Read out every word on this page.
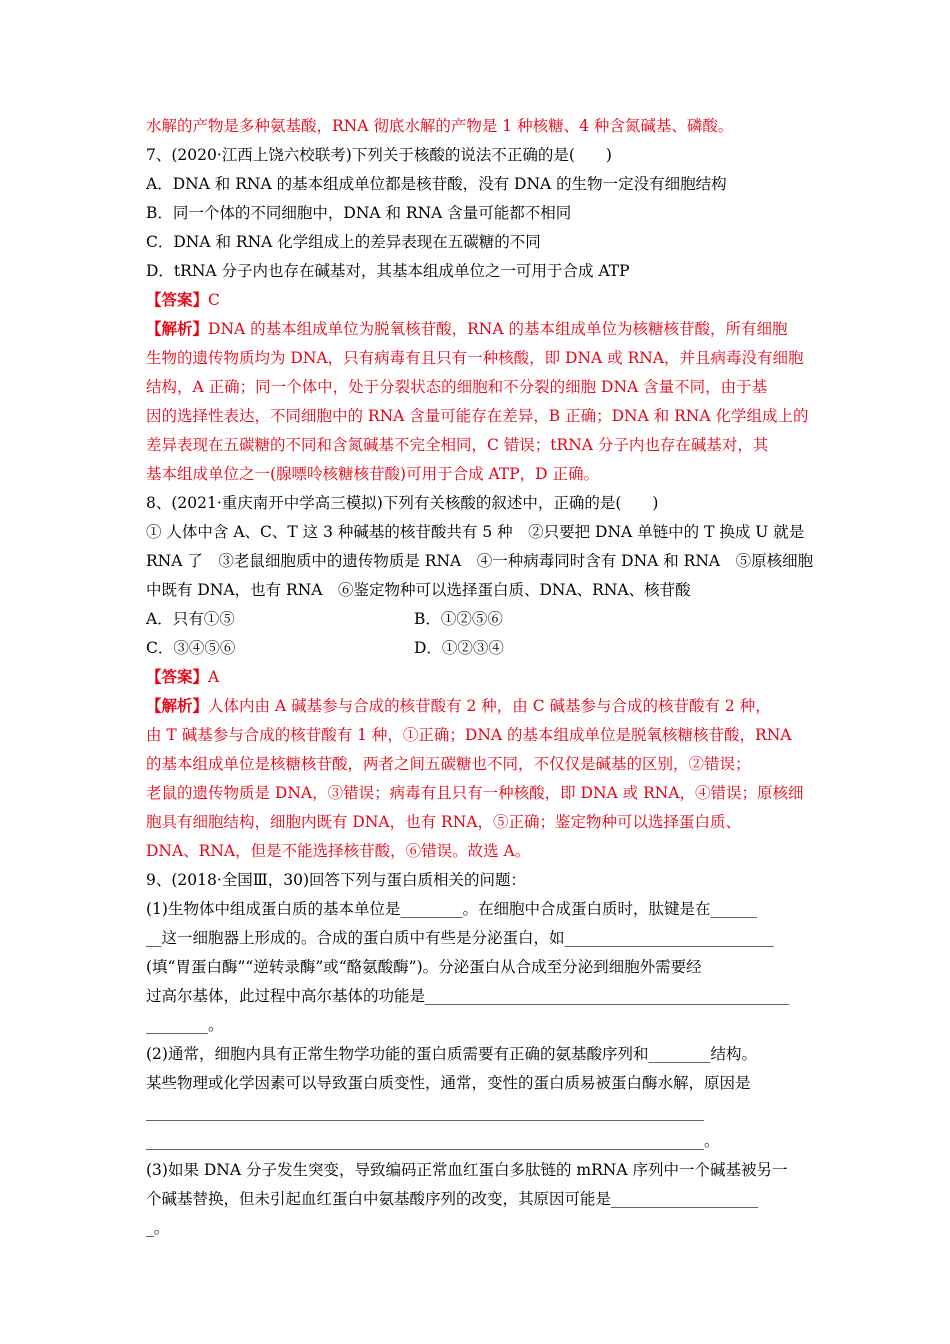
水解的产物是多种氨基酸，RNA 彻底水解的产物是 1 种核糖、4 种含氮碱基、磷酸。
7、(2020·江西上饶六校联考)下列关于核酸的说法不正确的是(　　)
A．DNA 和 RNA 的基本组成单位都是核苷酸，没有 DNA 的生物一定没有细胞结构
B．同一个体的不同细胞中，DNA 和 RNA 含量可能都不相同
C．DNA 和 RNA 化学组成上的差异表现在五碳糖的不同
D．tRNA 分子内也存在碱基对，其基本组成单位之一可用于合成 ATP
【答案】C
【解析】DNA 的基本组成单位为脱氧核苷酸，RNA 的基本组成单位为核糖核苷酸，所有细胞
生物的遗传物质均为 DNA，只有病毒有且只有一种核酸，即 DNA 或 RNA，并且病毒没有细胞
结构，A 正确；同一个体中，处于分裂状态的细胞和不分裂的细胞 DNA 含量不同，由于基
因的选择性表达，不同细胞中的 RNA 含量可能存在差异，B 正确；DNA 和 RNA 化学组成上的
差异表现在五碳糖的不同和含氮碱基不完全相同，C 错误；tRNA 分子内也存在碱基对，其
基本组成单位之一(腺嘌呤核糖核苷酸)可用于合成 ATP，D 正确。
8、(2021·重庆南开中学高三模拟)下列有关核酸的叙述中，正确的是(　　)
① 人体中含 A、C、T 这 3 种碱基的核苷酸共有 5 种　②只要把 DNA 单链中的 T 换成 U 就是
RNA 了　③老鼠细胞质中的遗传物质是 RNA　④一种病毒同时含有 DNA 和 RNA　⑤原核细胞
中既有 DNA，也有 RNA　⑥鉴定物种可以选择蛋白质、DNA、RNA、核苷酸
A．只有①⑤	B．①②⑤⑥
C．③④⑤⑥	D．①②③④
【答案】A
【解析】人体内由 A 碱基参与合成的核苷酸有 2 种，由 C 碱基参与合成的核苷酸有 2 种，
由 T 碱基参与合成的核苷酸有 1 种，①正确；DNA 的基本组成单位是脱氧核糖核苷酸，RNA
的基本组成单位是核糖核苷酸，两者之间五碳糖也不同，不仅仅是碱基的区别，②错误；
老鼠的遗传物质是 DNA，③错误；病毒有且只有一种核酸，即 DNA 或 RNA，④错误；原核细
胞具有细胞结构，细胞内既有 DNA，也有 RNA，⑤正确；鉴定物种可以选择蛋白质、
DNA、RNA，但是不能选择核苷酸，⑥错误。故选 A。
9、(2018·全国Ⅲ，30)回答下列与蛋白质相关的问题：
(1)生物体中组成蛋白质的基本单位是________。在细胞中合成蛋白质时，肽键是在______
__这一细胞器上形成的。合成的蛋白质中有些是分泌蛋白，如___________________________
(填“胃蛋白酶”“逆转录酶”或“酪氨酸酶”)。分泌蛋白从合成至分泌到细胞外需要经
过高尔基体，此过程中高尔基体的功能是_______________________________________________
________。
(2)通常，细胞内具有正常生物学功能的蛋白质需要有正确的氨基酸序列和________结构。
某些物理或化学因素可以导致蛋白质变性，通常，变性的蛋白质易被蛋白酶水解，原因是
________________________________________________________________________
________________________________________________________________________。
(3)如果 DNA 分子发生突变，导致编码正常血红蛋白多肽链的 mRNA 序列中一个碱基被另一
个碱基替换，但未引起血红蛋白中氨基酸序列的改变，其原因可能是___________________
_。
